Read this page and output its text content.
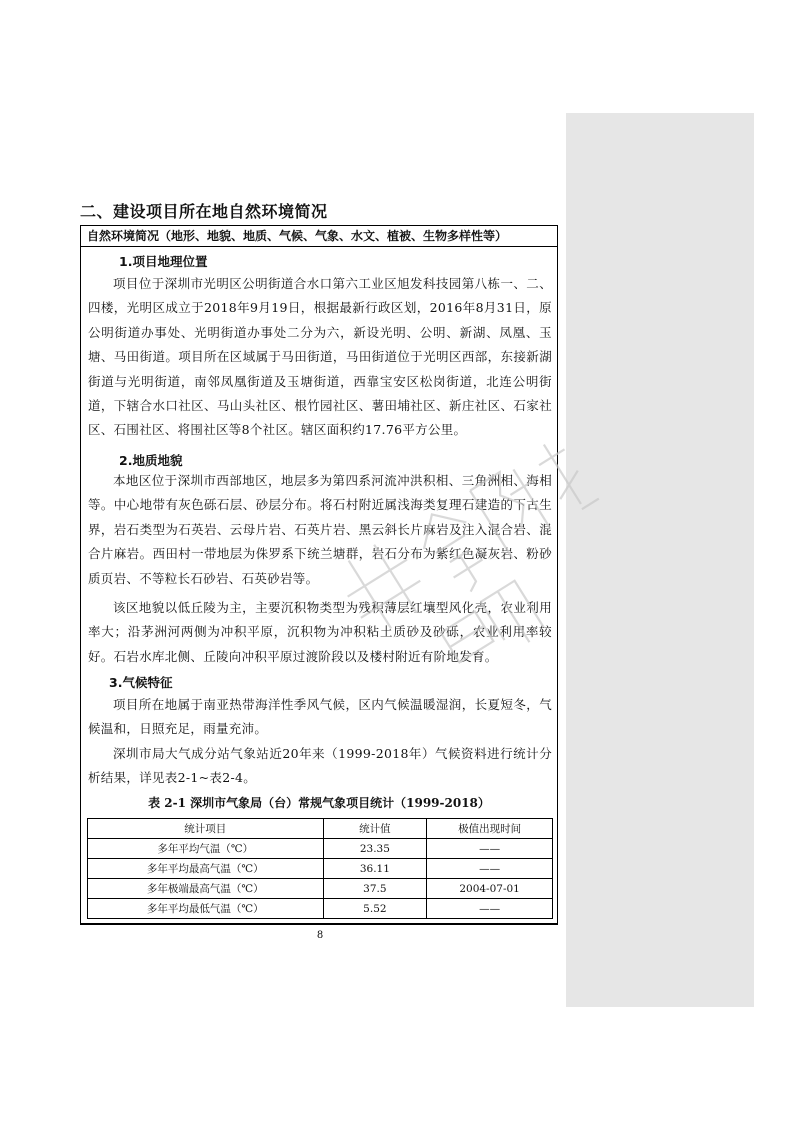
二、建设项目所在地自然环境简况
自然环境简况（地形、地貌、地质、气候、气象、水文、植被、生物多样性等）
1.项目地理位置
项目位于深圳市光明区公明街道合水口第六工业区旭发科技园第八栋一、二、四楼，光明区成立于2018年9月19日，根据最新行政区划，2016年8月31日，原公明街道办事处、光明街道办事处二分为六，新设光明、公明、新湖、凤凰、玉塘、马田街道。项目所在区域属于马田街道，马田街道位于光明区西部，东接新湖街道与光明街道，南邻凤凰街道及玉塘街道，西靠宝安区松岗街道，北连公明街道，下辖合水口社区、马山头社区、根竹园社区、薯田埔社区、新庄社区、石家社区、石围社区、将围社区等8个社区。辖区面积约17.76平方公里。
2.地质地貌
本地区位于深圳市西部地区，地层多为第四系河流冲洪积相、三角洲相、海相等。中心地带有灰色砾石层、砂层分布。将石村附近属浅海类复理石建造的下古生界，岩石类型为石英岩、云母片岩、石英片岩、黑云斜长片麻岩及注入混合岩、混合片麻岩。西田村一带地层为侏罗系下统兰塘群，岩石分布为紫红色凝灰岩、粉砂质页岩、不等粒长石砂岩、石英砂岩等。
该区地貌以低丘陵为主，主要沉积物类型为残积薄层红壤型风化壳，农业利用率大；沿茅洲河两侧为冲积平原，沉积物为冲积粘土质砂及砂砾，农业利用率较好。石岩水库北侧、丘陵向冲积平原过渡阶段以及楼村附近有阶地发育。
3.气候特征
项目所在地属于南亚热带海洋性季风气候，区内气候温暖湿润，长夏短冬，气候温和，日照充足，雨量充沛。
深圳市局大气成分站气象站近20年来（1999-2018年）气候资料进行统计分析结果，详见表2-1~表2-4。
表 2-1 深圳市气象局（台）常规气象项目统计（1999-2018）
统计项目	统计值	极值出现时间
多年平均气温（℃）	23.35	——
多年平均最高气温（℃）	36.11	——
多年极端最高气温（℃）	37.5	2004-07-01
多年平均最低气温（℃）	5.52	——
8
